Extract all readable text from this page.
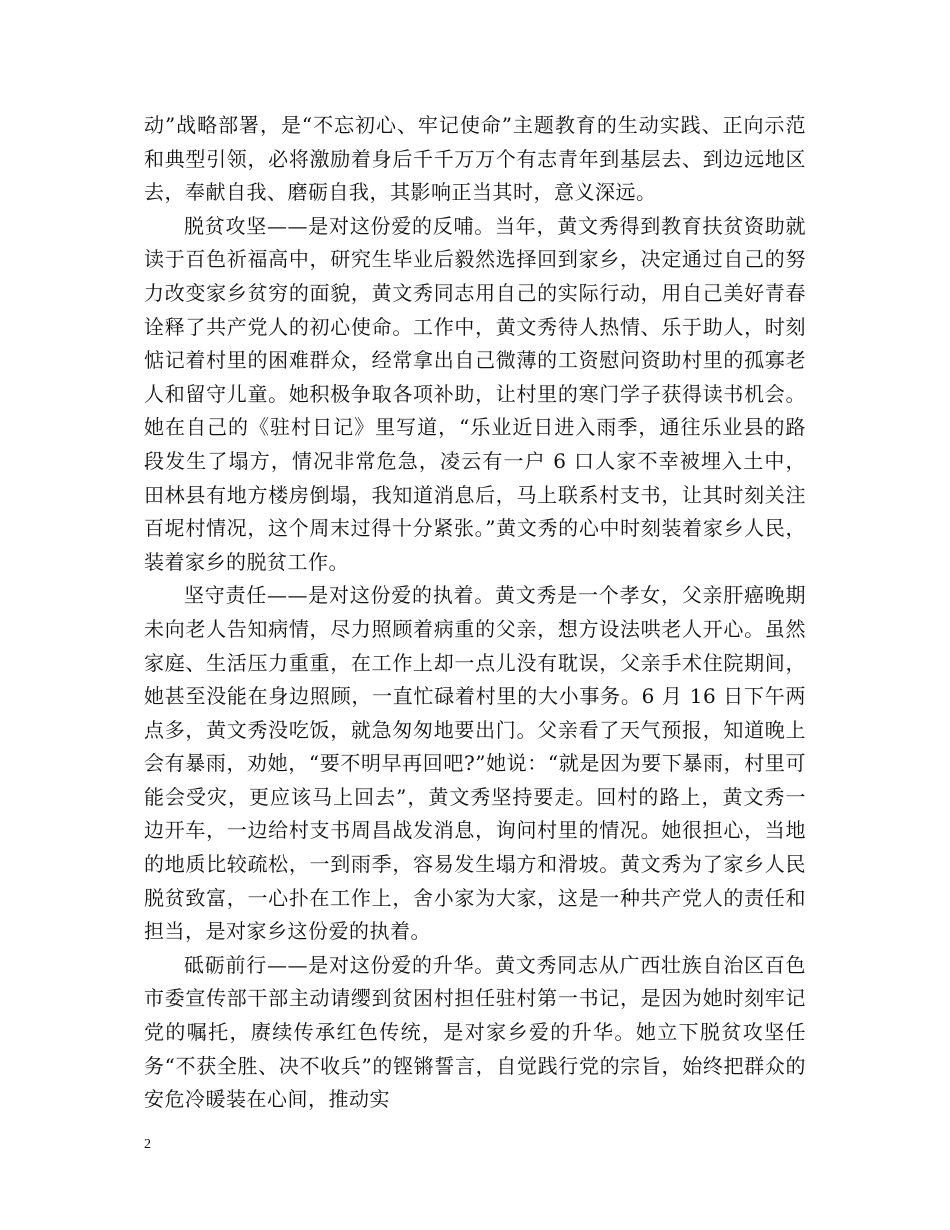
动”战略部署，是“不忘初心、牢记使命”主题教育的生动实践、正向示范和典型引领，必将激励着身后千千万万个有志青年到基层去、到边远地区去，奉献自我、磨砺自我，其影响正当其时，意义深远。

脱贫攻坚——是对这份爱的反哺。当年，黄文秀得到教育扶贫资助就读于百色祈福高中，研究生毕业后毅然选择回到家乡，决定通过自己的努力改变家乡贫穷的面貌，黄文秀同志用自己的实际行动，用自己美好青春诠释了共产党人的初心使命。工作中，黄文秀待人热情、乐于助人，时刻惦记着村里的困难群众，经常拿出自己微薄的工资慰问资助村里的孤寡老人和留守儿童。她积极争取各项补助，让村里的寒门学子获得读书机会。她在自己的《驻村日记》里写道，“乐业近日进入雨季，通往乐业县的路段发生了塌方，情况非常危急，凌云有一户 6 口人家不幸被埋入土中，田林县有地方楼房倒塌，我知道消息后，马上联系村支书，让其时刻关注百坭村情况，这个周末过得十分紧张。”黄文秀的心中时刻装着家乡人民，装着家乡的脱贫工作。

坚守责任——是对这份爱的执着。黄文秀是一个孝女，父亲肝癌晚期未向老人告知病情，尽力照顾着病重的父亲，想方设法哄老人开心。虽然家庭、生活压力重重，在工作上却一点儿没有耽误，父亲手术住院期间，她甚至没能在身边照顾，一直忙碌着村里的大小事务。6 月 16 日下午两点多，黄文秀没吃饭，就急匆匆地要出门。父亲看了天气预报，知道晚上会有暴雨，劝她，“要不明早再回吧?”她说：“就是因为要下暴雨，村里可能会受灾，更应该马上回去”，黄文秀坚持要走。回村的路上，黄文秀一边开车，一边给村支书周昌战发消息，询问村里的情况。她很担心，当地的地质比较疏松，一到雨季，容易发生塌方和滑坡。黄文秀为了家乡人民脱贫致富，一心扑在工作上，舍小家为大家，这是一种共产党人的责任和担当，是对家乡这份爱的执着。

砥砺前行——是对这份爱的升华。黄文秀同志从广西壮族自治区百色市委宣传部干部主动请缨到贫困村担任驻村第一书记，是因为她时刻牢记党的嘱托，赓续传承红色传统，是对家乡爱的升华。她立下脱贫攻坚任务“不获全胜、决不收兵”的铿锵誓言，自觉践行党的宗旨，始终把群众的安危冷暖装在心间，推动实

2
